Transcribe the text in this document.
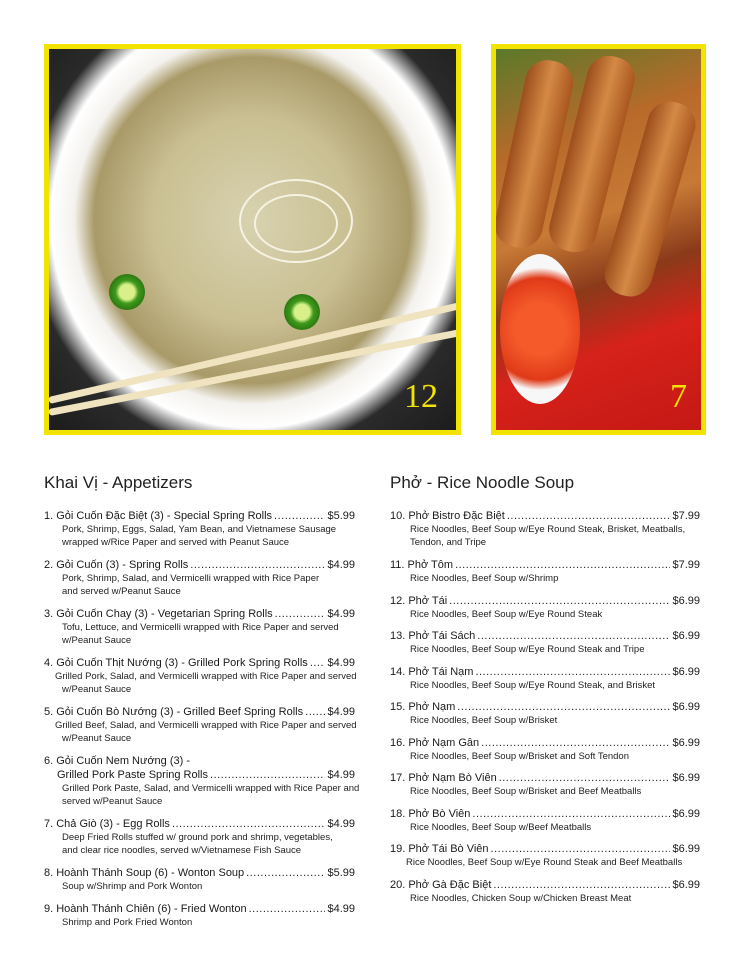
12	7
Khai Vị - Appetizers	Phở - Rice Noodle Soup
1. Gỏi Cuốn Đặc Biệt (3) - Special Spring Rolls .....	$5.99
Pork, Shrimp, Eggs, Salad, Yam Bean, and Vietnamese Sausage
wrapped w/Rice Paper and served with Peanut Sauce
2. Gỏi Cuốn (3) - Spring Rolls .....	$4.99
Pork, Shrimp, Salad, and Vermicelli wrapped with Rice Paper
and served w/Peanut Sauce
3. Gỏi Cuốn Chay (3) - Vegetarian Spring Rolls .....	$4.99
Tofu, Lettuce, and Vermicelli wrapped with Rice Paper and served
w/Peanut Sauce
4. Gỏi Cuốn Thịt Nướng (3) - Grilled Pork Spring Rolls ..... $4.99
Grilled Pork, Salad, and Vermicelli wrapped with Rice Paper and served
w/Peanut Sauce
5. Gỏi Cuốn Bò Nướng (3) - Grilled Beef Spring Rolls ..... $4.99
Grilled Beef, Salad, and Vermicelli wrapped with Rice Paper and served
w/Peanut Sauce
6. Gỏi Cuốn Nem Nướng (3) -
Grilled Pork Paste Spring Rolls .....	$4.99
Grilled Pork Paste, Salad, and Vermicelli wrapped with Rice Paper and
served w/Peanut Sauce
7. Chả Giò (3) - Egg Rolls .....	$4.99
Deep Fried Rolls stuffed w/ ground pork and shrimp, vegetables,
and clear rice noodles, served w/Vietnamese Fish Sauce
8. Hoành Thánh Soup (6) - Wonton Soup .....	$5.99
Soup w/Shrimp and Pork Wonton
9. Hoành Thánh Chiên (6) - Fried Wonton .....	$4.99
Shrimp and Pork Fried Wonton
10. Phở Bistro Đặc Biệt .....	$7.99
Rice Noodles, Beef Soup w/Eye Round Steak, Brisket, Meatballs,
Tendon, and Tripe
11. Phở Tôm .....	$7.99
Rice Noodles, Beef Soup w/Shrimp
12. Phở Tái .....	$6.99
Rice Noodles, Beef Soup w/Eye Round Steak
13. Phở Tái Sách .....	$6.99
Rice Noodles, Beef Soup w/Eye Round Steak and Tripe
14. Phở Tái Nạm .....	$6.99
Rice Noodles, Beef Soup w/Eye Round Steak, and Brisket
15. Phở Nạm .....	$6.99
Rice Noodles, Beef Soup w/Brisket
16. Phở Nạm Gân .....	$6.99
Rice Noodles, Beef Soup w/Brisket and Soft Tendon
17. Phở Nạm Bò Viên .....	$6.99
Rice Noodles, Beef Soup w/Brisket and Beef Meatballs
18. Phở Bò Viên .....	$6.99
Rice Noodles, Beef Soup w/Beef Meatballs
19. Phở Tái Bò Viên .....	$6.99
Rice Noodles, Beef Soup w/Eye Round Steak and Beef Meatballs
20. Phở Gà Đặc Biệt .....	$6.99
Rice Noodles, Chicken Soup w/Chicken Breast Meat
